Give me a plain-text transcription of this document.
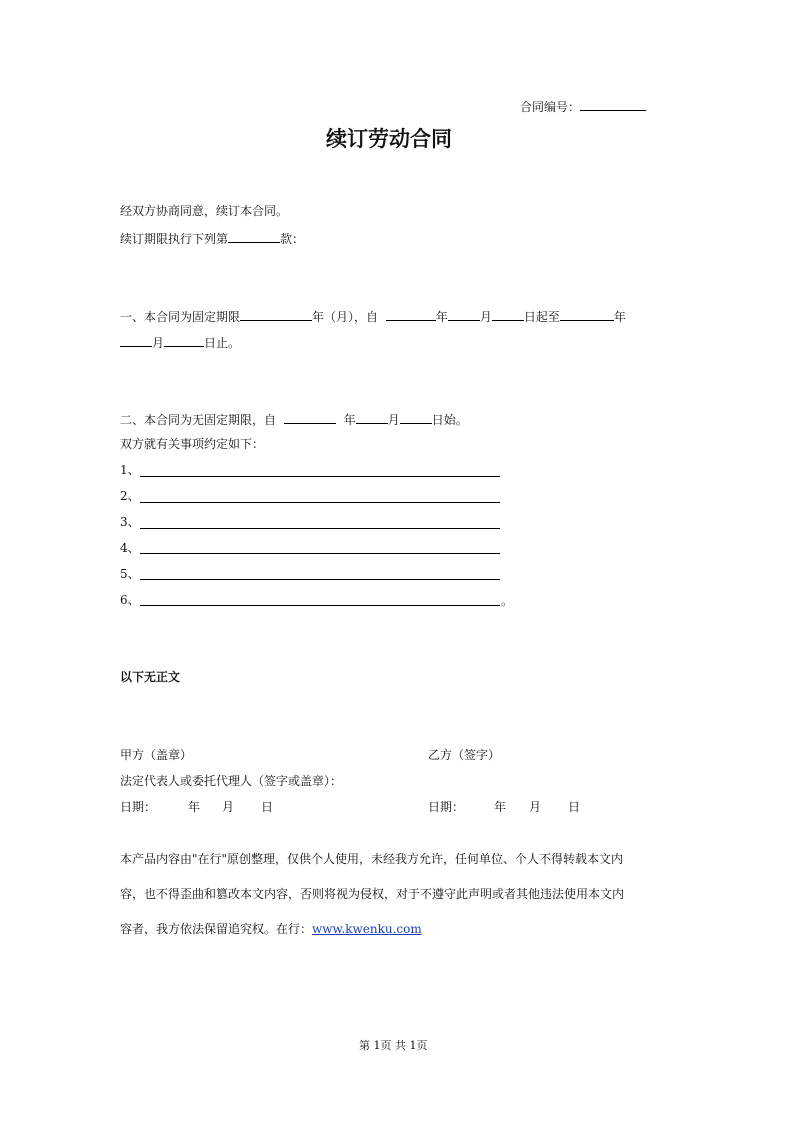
合同编号：
续订劳动合同
经双方协商同意，续订本合同。
续订期限执行下列第	款：
一、本合同为固定期限	年（月），自	年	月	日起至	年
月	日止。
二、本合同为无固定期限，自	年	月	日始。
双方就有关事项约定如下：
1、
2、
3、
4、
5、
6、	。
以下无正文
甲方（盖章）	乙方（签字）
法定代表人或委托代理人（签字或盖章）：
日期：	年 月 日	日期： 年 月 日
本产品内容由"在行"原创整理，仅供个人使用，未经我方允许，任何单位、个人不得转载本文内
容，也不得歪曲和篡改本文内容，否则将视为侵权，对于不遵守此声明或者其他违法使用本文内
容者，我方依法保留追究权。在行：www.kwenku.com
第 1页 共 1页
